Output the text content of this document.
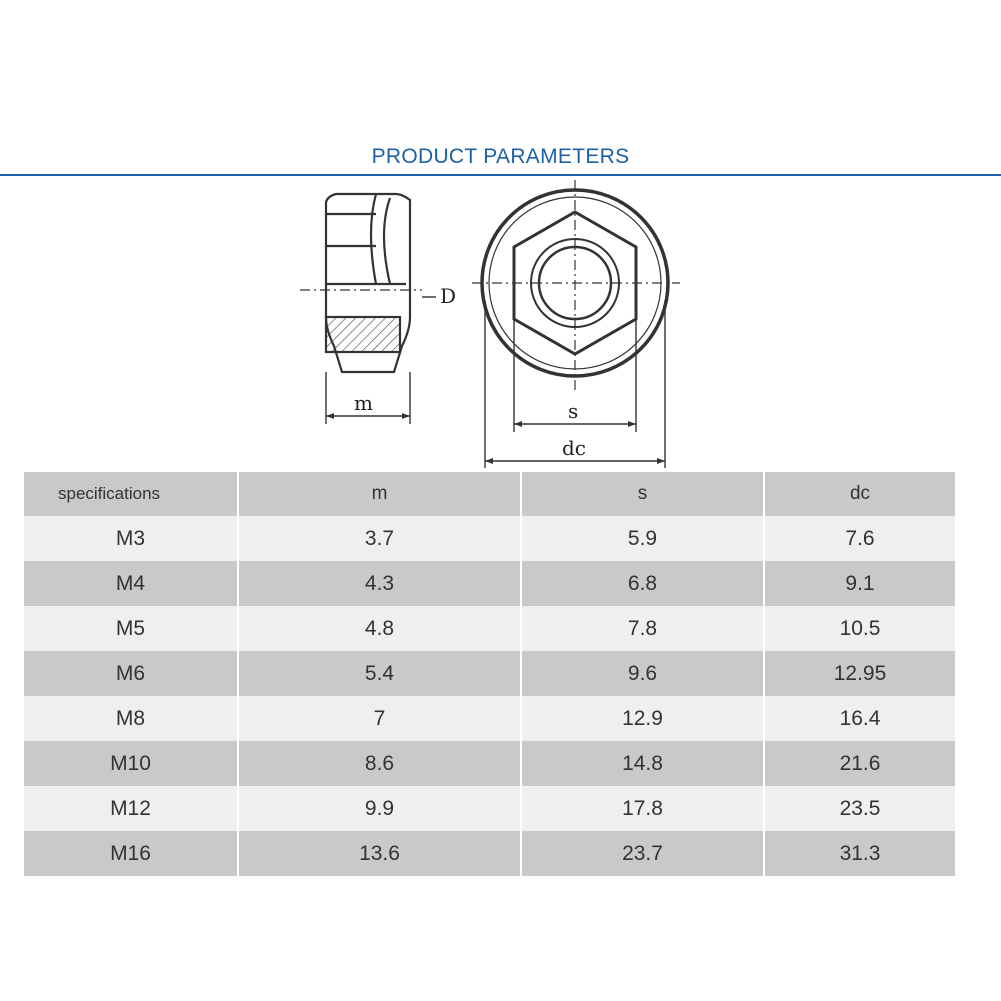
PRODUCT PARAMETERS
D
m	s
dc
specifications	m	s	dc
M3	3.7	5.9	7.6
M4	4.3	6.8	9.1
M5	4.8	7.8	10.5
M6	5.4	9.6	12.95
M8	7	12.9	16.4
M10	8.6	14.8	21.6
M12	9.9	17.8	23.5
M16	13.6	23.7	31.3
